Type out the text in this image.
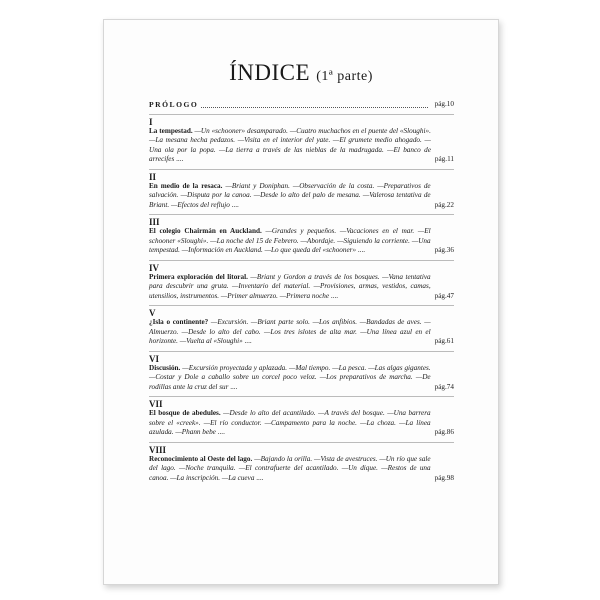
ÍNDICE (1ª parte)
PRÓLOGO	pág.10
I
La tempestad. —Un «schooner» desamparado. —Cuatro muchachos en el puente del «Sloughi». —La mesana hecha pedazos. —Visita en el interior del yate. —El grumete medio ahogado. —Una ola por la popa. —La tierra a través de las nieblas de la madrugada. —El banco de arrecifes ....	pág.11
II
En medio de la resaca. —Briant y Doniphan. —Observación de la costa. —Preparativos de salvación. —Disputa por la canoa. —Desde lo alto del palo de mesana. —Valerosa tentativa de Briant. —Efectos del reflujo ....	pág.22
III
El colegio Chairmán en Auckland. —Grandes y pequeños. —Vacaciones en el mar. —El schooner «Sloughi». —La noche del 15 de Febrero. —Abordaje. —Siguiendo la corriente. —Una tempestad. —Información en Auckland. —Lo que queda del «schooner» ....	pág.36
IV
Primera exploración del litoral. —Briant y Gordon a través de los bosques. —Vana tentativa para descubrir una gruta. —Inventario del material. —Provisiones, armas, vestidos, camas, utensilios, instrumentos. —Primer almuerzo. —Primera noche ....	pág.47
V
¿Isla o continente? —Excursión. —Briant parte solo. —Los anfibios. —Bandadas de aves. —Almuerzo. —Desde lo alto del cabo. —Los tres islotes de alta mar. —Una línea azul en el horizonte. —Vuelta al «Sloughi» ....	pág.61
VI
Discusión. —Excursión proyectada y aplazada. —Mal tiempo. —La pesca. —Las algas gigantes. —Costar y Dole a caballo sobre un corcel poco veloz. —Los preparativos de marcha. —De rodillas ante la cruz del sur ....	pág.74
VII
El bosque de abedules. —Desde lo alto del acantilado. —A través del bosque. —Una barrera sobre el «creek». —El río conductor. —Campamento para la noche. —La choza. —La línea azulada. —Phann bebe ....	pág.86
VIII
Reconocimiento al Oeste del lago. —Bajando la orilla. —Vista de avestruces. —Un río que sale del lago. —Noche tranquila. —El contrafuerte del acantilado. —Un dique. —Restos de una canoa. —La inscripción. —La cueva ....	pág.98
